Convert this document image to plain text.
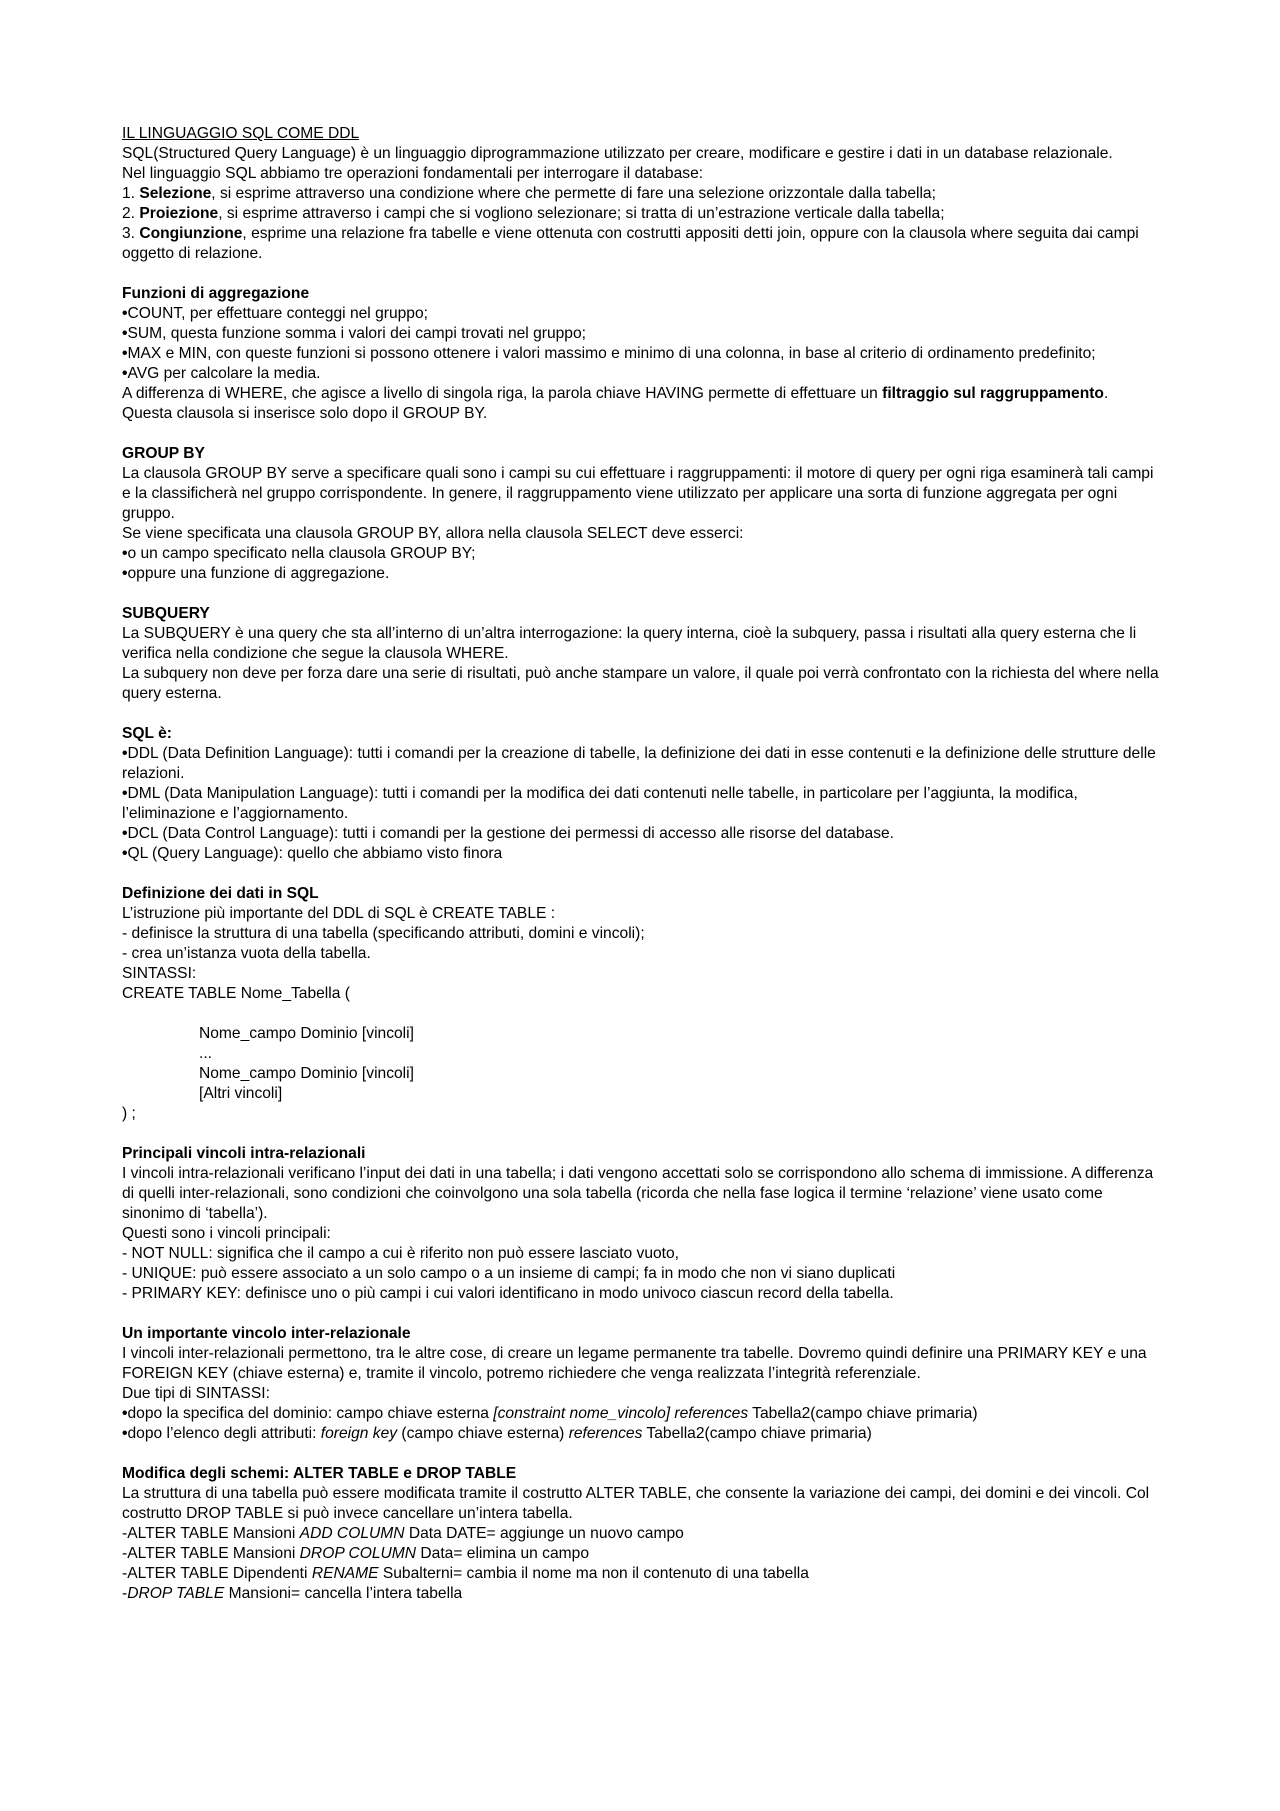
IL LINGUAGGIO SQL COME DDL

SQL(Structured Query Language) è un linguaggio diprogrammazione utilizzato per creare, modificare e gestire i dati in un database relazionale.

Nel linguaggio SQL abbiamo tre operazioni fondamentali per interrogare il database:

1. Selezione, si esprime attraverso una condizione where che permette di fare una selezione orizzontale dalla tabella;

2. Proiezione, si esprime attraverso i campi che si vogliono selezionare; si tratta di un’estrazione verticale dalla tabella;

3. Congiunzione, esprime una relazione fra tabelle e viene ottenuta con costrutti appositi detti join, oppure con la clausola where seguita dai campi oggetto di relazione.

Funzioni di aggregazione

• COUNT, per effettuare conteggi nel gruppo;

• SUM, questa funzione somma i valori dei campi trovati nel gruppo;

• MAX e MIN, con queste funzioni si possono ottenere i valori massimo e minimo di una colonna, in base al criterio di ordinamento predefinito;

• AVG per calcolare la media.

A differenza di WHERE, che agisce a livello di singola riga, la parola chiave HAVING permette di effettuare un filtraggio sul raggruppamento. Questa clausola si inserisce solo dopo il GROUP BY.

GROUP BY

La clausola GROUP BY serve a specificare quali sono i campi su cui effettuare i raggruppamenti: il motore di query per ogni riga esaminerà tali campi e la classificherà nel gruppo corrispondente. In genere, il raggruppamento viene utilizzato per applicare una sorta di funzione aggregata per ogni gruppo.

Se viene specificata una clausola GROUP BY, allora nella clausola SELECT deve esserci:

• o un campo specificato nella clausola GROUP BY;

• oppure una funzione di aggregazione.

SUBQUERY

La SUBQUERY è una query che sta all’interno di un’altra interrogazione: la query interna, cioè la subquery, passa i risultati alla query esterna che li verifica nella condizione che segue la clausola WHERE.

La subquery non deve per forza dare una serie di risultati, può anche stampare un valore, il quale poi verrà confrontato con la richiesta del where nella query esterna.

SQL è:

• DDL (Data Definition Language): tutti i comandi per la creazione di tabelle, la definizione dei dati in esse contenuti e la definizione delle strutture delle relazioni.

• DML (Data Manipulation Language): tutti i comandi per la modifica dei dati contenuti nelle tabelle, in particolare per l’aggiunta, la modifica, l’eliminazione e l’aggiornamento.

• DCL (Data Control Language): tutti i comandi per la gestione dei permessi di accesso alle risorse del database.

• QL (Query Language): quello che abbiamo visto finora

Definizione dei dati in SQL

L’istruzione più importante del DDL di SQL è CREATE TABLE :

- definisce la struttura di una tabella (specificando attributi, domini e vincoli);

- crea un’istanza vuota della tabella.

SINTASSI:

CREATE TABLE Nome_Tabella (

Nome_campo Dominio [vincoli]

...

Nome_campo Dominio [vincoli]

[Altri vincoli]

) ;

Principali vincoli intra-relazionali

I vincoli intra-relazionali verificano l’input dei dati in una tabella; i dati vengono accettati solo se corrispondono allo schema di immissione. A differenza di quelli inter-relazionali, sono condizioni che coinvolgono una sola tabella (ricorda che nella fase logica il termine ‘relazione’ viene usato come sinonimo di ‘tabella’).

Questi sono i vincoli principali:

- NOT NULL: significa che il campo a cui è riferito non può essere lasciato vuoto,

- UNIQUE: può essere associato a un solo campo o a un insieme di campi; fa in modo che non vi siano duplicati

- PRIMARY KEY: definisce uno o più campi i cui valori identificano in modo univoco ciascun record della tabella.

Un importante vincolo inter-relazionale

I vincoli inter-relazionali permettono, tra le altre cose, di creare un legame permanente tra tabelle. Dovremo quindi definire una PRIMARY KEY e una FOREIGN KEY (chiave esterna) e, tramite il vincolo, potremo richiedere che venga realizzata l’integrità referenziale.

Due tipi di SINTASSI:

• dopo la specifica del dominio: campo chiave esterna [constraint nome_vincolo] references Tabella2(campo chiave primaria)

• dopo l’elenco degli attributi: foreign key (campo chiave esterna) references Tabella2(campo chiave primaria)

Modifica degli schemi: ALTER TABLE e DROP TABLE

La struttura di una tabella può essere modificata tramite il costrutto ALTER TABLE, che consente la variazione dei campi, dei domini e dei vincoli. Col costrutto DROP TABLE si può invece cancellare un’intera tabella.

-ALTER TABLE Mansioni ADD COLUMN Data DATE= aggiunge un nuovo campo

-ALTER TABLE Mansioni DROP COLUMN Data= elimina un campo

-ALTER TABLE Dipendenti RENAME Subalterni= cambia il nome ma non il contenuto di una tabella

-DROP TABLE Mansioni= cancella l’intera tabella
